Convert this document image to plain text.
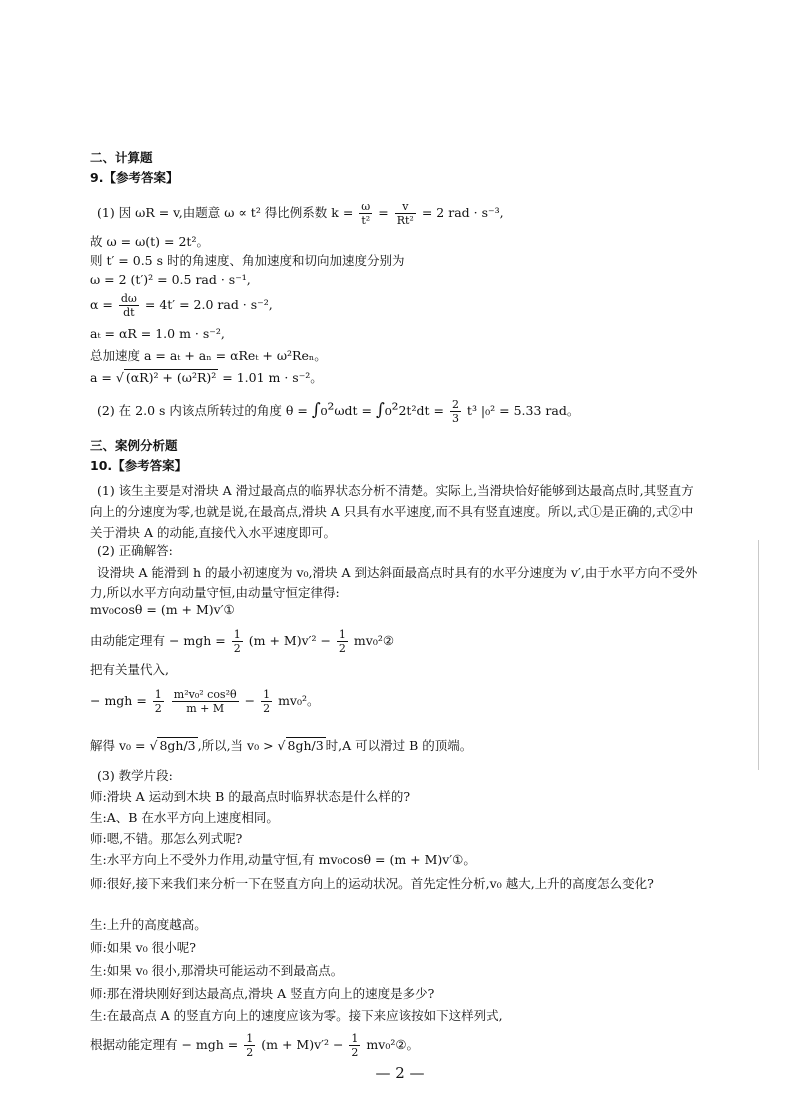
二、计算题
9.【参考答案】
(1) 因 ωR = v,由题意 ω ∝ t² 得比例系数 $k = \frac{\omega}{\text{t²}} = \frac{v}{\text{Rt²}} = 2$ rad · s⁻³,
故 ω = ω(t) = 2t²。
则 t′ = 0.5 s 时的角速度、角加速度和切向加速度分别为
ω = 2 (t′)² = 0.5 rad · s⁻¹,
$\alpha = \frac{d\omega}{dt} = 4t' = 2.0$ rad · s⁻²,
aₜ = αR = 1.0 m · s⁻²,
总加速度 a = aₜ + aₙ = αReₜ + ω²Reₙ。
a = √ (αR)² + (ω²R)² = 1.01 m · s⁻²。
(2) 在 2.0 s 内该点所转过的角度 $\theta = \int_0^2\omega dt = \int_0^22t^2dt = \frac{2}{3} t^3$ |₀² = 5.33 rad。
三、案例分析题
10.【参考答案】
(1) 该生主要是对滑块 A 滑过最高点的临界状态分析不清楚。实际上,当滑块恰好能够到达最高点时,其竖直方向上的分速度为零,也就是说,在最高点,滑块 A 只具有水平速度,而不具有竖直速度。所以,式①是正确的,式②中关于滑块 A 的动能,直接代入水平速度即可。
(2) 正确解答:
设滑块 A 能滑到 h 的最小初速度为 v₀,滑块 A 到达斜面最高点时具有的水平分速度为 v′,由于水平方向不受外力,所以水平方向动量守恒,由动量守恒定律得:
mv₀cosθ = (m + M)v′①
由动能定理有 − mgh = $\frac{1}{2} (m + M)v'^2 - \frac{1}{2}$ mv₀²②
把有关量代入,
− mgh = $\frac{1}{2}$
$\frac{\text{m²v₀² cos²θ}}{m + M} - \frac{1}{2} mv_0^2$。
解得 v₀ = √ 8gh/3 ,所以,当 v₀ > √ 8gh/3 时,A 可以滑过 B 的顶端。
(3) 教学片段:
师:滑块 A 运动到木块 B 的最高点时临界状态是什么样的?
生:A、B 在水平方向上速度相同。
师:嗯,不错。那怎么列式呢?
生:水平方向上不受外力作用,动量守恒,有 mv₀cosθ = (m + M)v′①。
师:很好,接下来我们来分析一下在竖直方向上的运动状况。首先定性分析,v₀ 越大,上升的高度怎么变化?
生:上升的高度越高。
师:如果 v₀ 很小呢?
生:如果 v₀ 很小,那滑块可能运动不到最高点。
师:那在滑块刚好到达最高点,滑块 A 竖直方向上的速度是多少?
生:在最高点 A 的竖直方向上的速度应该为零。接下来应该按如下这样列式,
根据动能定理有 − mgh = $\frac{1}{2} (m + M)v'^2 - \frac{1}{2}$ mv₀²②。
— 2 —
